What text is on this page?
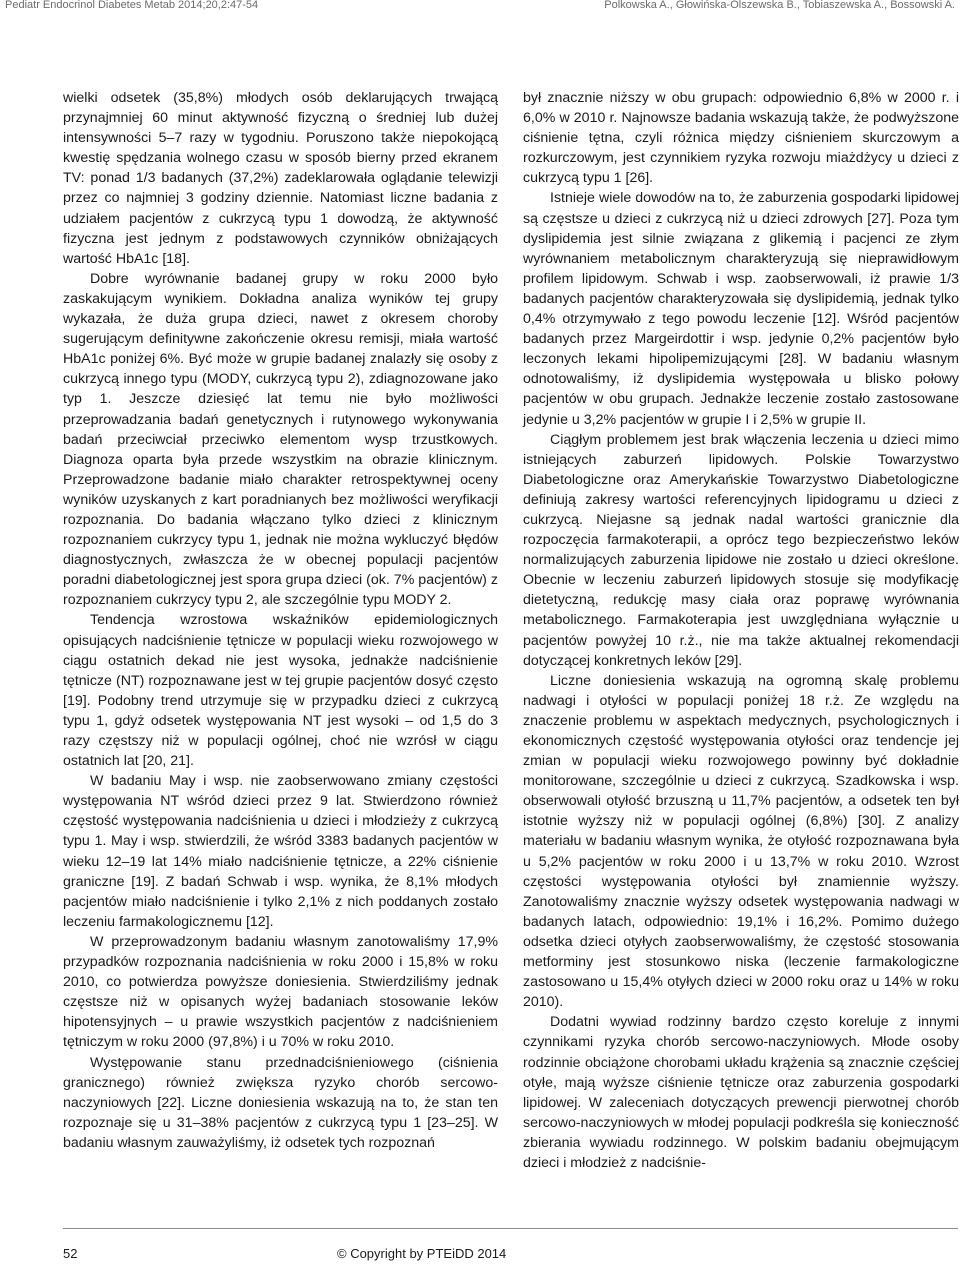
Pediatr Endocrinol Diabetes Metab 2014;20,2:47-54	Polkowska A., Głowińska-Olszewska B., Tobiaszewska A., Bossowski A.

wielki odsetek (35,8%) młodych osób deklarujących trwającą przynajmniej 60 minut aktywność fizyczną o średniej lub dużej intensywności 5–7 razy w tygodniu. Poruszono także niepokojącą kwestię spędzania wolnego czasu w sposób bierny przed ekranem TV: ponad 1/3 badanych (37,2%) zadeklarowała oglądanie telewizji przez co najmniej 3 godziny dziennie. Natomiast liczne badania z udziałem pacjentów z cukrzycą typu 1 dowodzą, że aktywność fizyczna jest jednym z podstawowych czynników obniżających wartość HbA1c [18].

Dobre wyrównanie badanej grupy w roku 2000 było zaskakującym wynikiem. Dokładna analiza wyników tej grupy wykazała, że duża grupa dzieci, nawet z okresem choroby sugerującym definitywne zakończenie okresu remisji, miała wartość HbA1c poniżej 6%. Być może w grupie badanej znalazły się osoby z cukrzycą innego typu (MODY, cukrzycą typu 2), zdiagnozowane jako typ 1. Jeszcze dziesięć lat temu nie było możliwości przeprowadzania badań genetycznych i rutynowego wykonywania badań przeciwciał przeciwko elementom wysp trzustkowych. Diagnoza oparta była przede wszystkim na obrazie klinicznym. Przeprowadzone badanie miało charakter retrospektywnej oceny wyników uzyskanych z kart poradnianych bez możliwości weryfikacji rozpoznania. Do badania włączano tylko dzieci z klinicznym rozpoznaniem cukrzycy typu 1, jednak nie można wykluczyć błędów diagnostycznych, zwłaszcza że w obecnej populacji pacjentów poradni diabetologicznej jest spora grupa dzieci (ok. 7% pacjentów) z rozpoznaniem cukrzycy typu 2, ale szczególnie typu MODY 2.

Tendencja wzrostowa wskaźników epidemiologicznych opisujących nadciśnienie tętnicze w populacji wieku rozwojowego w ciągu ostatnich dekad nie jest wysoka, jednakże nadciśnienie tętnicze (NT) rozpoznawane jest w tej grupie pacjentów dosyć często [19]. Podobny trend utrzymuje się w przypadku dzieci z cukrzycą typu 1, gdyż odsetek występowania NT jest wysoki – od 1,5 do 3 razy częstszy niż w populacji ogólnej, choć nie wzrósł w ciągu ostatnich lat [20, 21].

W badaniu May i wsp. nie zaobserwowano zmiany częstości występowania NT wśród dzieci przez 9 lat. Stwierdzono również częstość występowania nadciśnienia u dzieci i młodzieży z cukrzycą typu 1. May i wsp. stwierdzili, że wśród 3383 badanych pacjentów w wieku 12–19 lat 14% miało nadciśnienie tętnicze, a 22% ciśnienie graniczne [19]. Z badań Schwab i wsp. wynika, że 8,1% młodych pacjentów miało nadciśnienie i tylko 2,1% z nich poddanych zostało leczeniu farmakologicznemu [12].

W przeprowadzonym badaniu własnym zanotowaliśmy 17,9% przypadków rozpoznania nadciśnienia w roku 2000 i 15,8% w roku 2010, co potwierdza powyższe doniesienia. Stwierdziliśmy jednak częstsze niż w opisanych wyżej badaniach stosowanie leków hipotensyjnych – u prawie wszystkich pacjentów z nadciśnieniem tętniczym w roku 2000 (97,8%) i u 70% w roku 2010.

Występowanie stanu przednadciśnieniowego (ciśnienia granicznego) również zwiększa ryzyko chorób sercowo-naczyniowych [22]. Liczne doniesienia wskazują na to, że stan ten rozpoznaje się u 31–38% pacjentów z cukrzycą typu 1 [23–25]. W badaniu własnym zauważyliśmy, iż odsetek tych rozpoznań

był znacznie niższy w obu grupach: odpowiednio 6,8% w 2000 r. i 6,0% w 2010 r. Najnowsze badania wskazują także, że podwyższone ciśnienie tętna, czyli różnica między ciśnieniem skurczowym a rozkurczowym, jest czynnikiem ryzyka rozwoju miażdżycy u dzieci z cukrzycą typu 1 [26].

Istnieje wiele dowodów na to, że zaburzenia gospodarki lipidowej są częstsze u dzieci z cukrzycą niż u dzieci zdrowych [27]. Poza tym dyslipidemia jest silnie związana z glikemią i pacjenci ze złym wyrównaniem metabolicznym charakteryzują się nieprawidłowym profilem lipidowym. Schwab i wsp. zaobserwowali, iż prawie 1/3 badanych pacjentów charakteryzowała się dyslipidemią, jednak tylko 0,4% otrzymywało z tego powodu leczenie [12]. Wśród pacjentów badanych przez Margeirdottir i wsp. jedynie 0,2% pacjentów było leczonych lekami hipolipemizującymi [28]. W badaniu własnym odnotowaliśmy, iż dyslipidemia występowała u blisko połowy pacjentów w obu grupach. Jednakże leczenie zostało zastosowane jedynie u 3,2% pacjentów w grupie I i 2,5% w grupie II.

Ciągłym problemem jest brak włączenia leczenia u dzieci mimo istniejących zaburzeń lipidowych. Polskie Towarzystwo Diabetologiczne oraz Amerykańskie Towarzystwo Diabetologiczne definiują zakresy wartości referencyjnych lipidogramu u dzieci z cukrzycą. Niejasne są jednak nadal wartości granicznie dla rozpoczęcia farmakoterapii, a oprócz tego bezpieczeństwo leków normalizujących zaburzenia lipidowe nie zostało u dzieci określone. Obecnie w leczeniu zaburzeń lipidowych stosuje się modyfikację dietetyczną, redukcję masy ciała oraz poprawę wyrównania metabolicznego. Farmakoterapia jest uwzględniana wyłącznie u pacjentów powyżej 10 r.ż., nie ma także aktualnej rekomendacji dotyczącej konkretnych leków [29].

Liczne doniesienia wskazują na ogromną skalę problemu nadwagi i otyłości w populacji poniżej 18 r.ż. Ze względu na znaczenie problemu w aspektach medycznych, psychologicznych i ekonomicznych częstość występowania otyłości oraz tendencje jej zmian w populacji wieku rozwojowego powinny być dokładnie monitorowane, szczególnie u dzieci z cukrzycą. Szadkowska i wsp. obserwowali otyłość brzuszną u 11,7% pacjentów, a odsetek ten był istotnie wyższy niż w populacji ogólnej (6,8%) [30]. Z analizy materiału w badaniu własnym wynika, że otyłość rozpoznawana była u 5,2% pacjentów w roku 2000 i u 13,7% w roku 2010. Wzrost częstości występowania otyłości był znamiennie wyższy. Zanotowaliśmy znacznie wyższy odsetek występowania nadwagi w badanych latach, odpowiednio: 19,1% i 16,2%. Pomimo dużego odsetka dzieci otyłych zaobserwowaliśmy, że częstość stosowania metforminy jest stosunkowo niska (leczenie farmakologiczne zastosowano u 15,4% otyłych dzieci w 2000 roku oraz u 14% w roku 2010).

Dodatni wywiad rodzinny bardzo często koreluje z innymi czynnikami ryzyka chorób sercowo-naczyniowych. Młode osoby rodzinnie obciążone chorobami układu krążenia są znacznie częściej otyłe, mają wyższe ciśnienie tętnicze oraz zaburzenia gospodarki lipidowej. W zaleceniach dotyczących prewencji pierwotnej chorób sercowo-naczyniowych w młodej populacji podkreśla się konieczność zbierania wywiadu rodzinnego. W polskim badaniu obejmującym dzieci i młodzież z nadciśnie-

52	© Copyright by PTEiDD 2014
